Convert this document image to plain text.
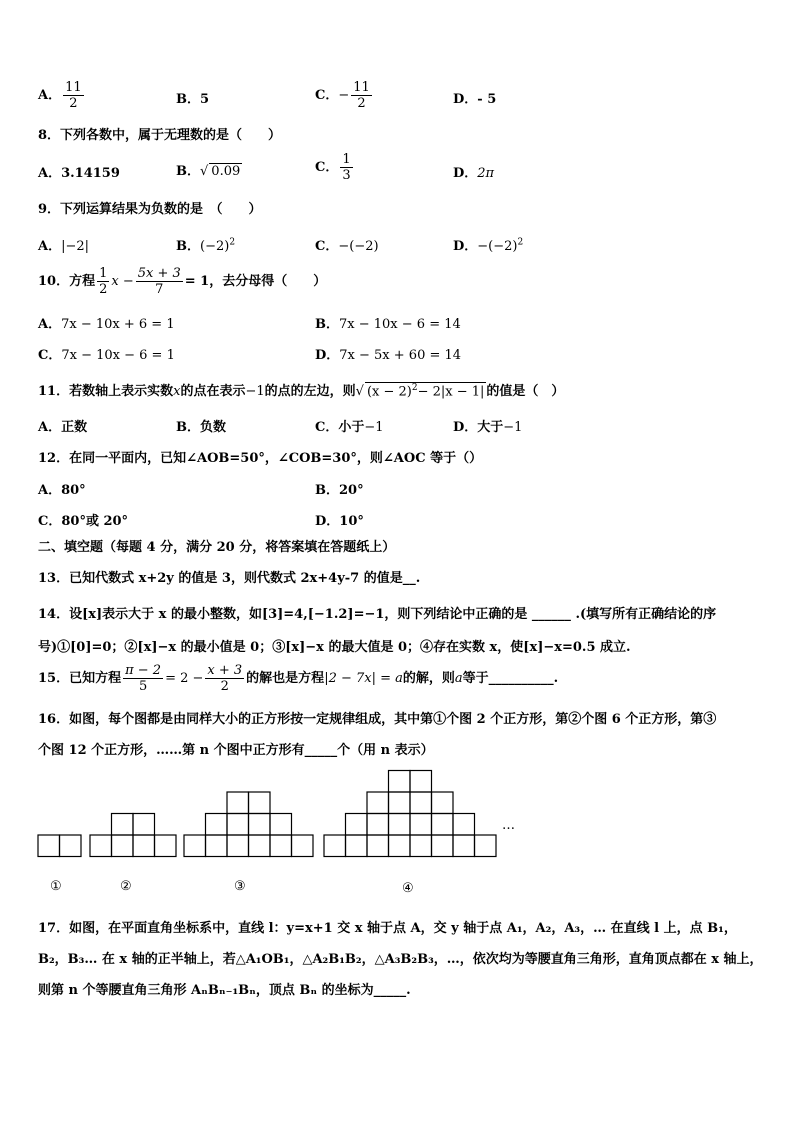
A． $\frac{11}{2}$	B．5	C．− $\frac{11}{2}$	D．- 5
8．下列各数中，属于无理数的是（　　）
A．3.14159	B．√ 0.09	C． $\frac{1}{3}$	D．2π
9．下列运算结果为负数的是　（　　）
A．|−2|	B．$(-2)^2$	C．−(−2)	D．$-(-2)^2$
10．方程 $\frac{1}{2}$ $x - \frac{5x + 3}{7} = 1$，去分母得（　　）
A．7x − 10x + 6 = 1	B．7x − 10x − 6 = 14
C．7x − 10x − 6 = 1	D．7x − 5x + 60 = 14
11．若数轴上表示实数x的点在表示−1的点的左边，则√ $(x - 2)^2- 2|x - 1|$ 的值是（　）
A．正数	B．负数	C．小于−1	D．大于−1
12．在同一平面内，已知∠AOB=50°，∠COB=30°，则∠AOC 等于（）
A．80°	B．20°
C．80°或 20°	D．10°
二、填空题（每题 4 分，满分 20 分，将答案填在答题纸上）
13．已知代数式 x+2y 的值是 3，则代数式 2x+4y-7 的值是__.
14．设[x]表示大于 x 的最小整数，如[3]=4,[−1.2]=−1，则下列结论中正确的是 ______ .(填写所有正确结论的序
号)①[0]=0；②[x]−x 的最小值是 0；③[x]−x 的最大值是 0；④存在实数 x，使[x]−x=0.5 成立.
15．已知方程 $\frac{\pi - 2}{5} = 2 - \frac{x + 3}{2}$ 的解也是方程|2 − 7x| = a的解，则a等于__________.
16．如图，每个图都是由同样大小的正方形按一定规律组成，其中第①个图 2 个正方形，第②个图 6 个正方形，第③
个图 12 个正方形，……第 n 个图中正方形有_____个（用 n 表示）
…
①	②	③	④
17．如图，在平面直角坐标系中，直线 l：y=x+1 交 x 轴于点 A，交 y 轴于点 A₁，A₂，A₃，… 在直线 l 上，点 B₁，
B₂，B₃… 在 x 轴的正半轴上，若△A₁OB₁，△A₂B₁B₂，△A₃B₂B₃，…，依次均为等腰直角三角形，直角顶点都在 x 轴上，
则第 n 个等腰直角三角形 AₙBₙ₋₁Bₙ，顶点 Bₙ 的坐标为_____.
